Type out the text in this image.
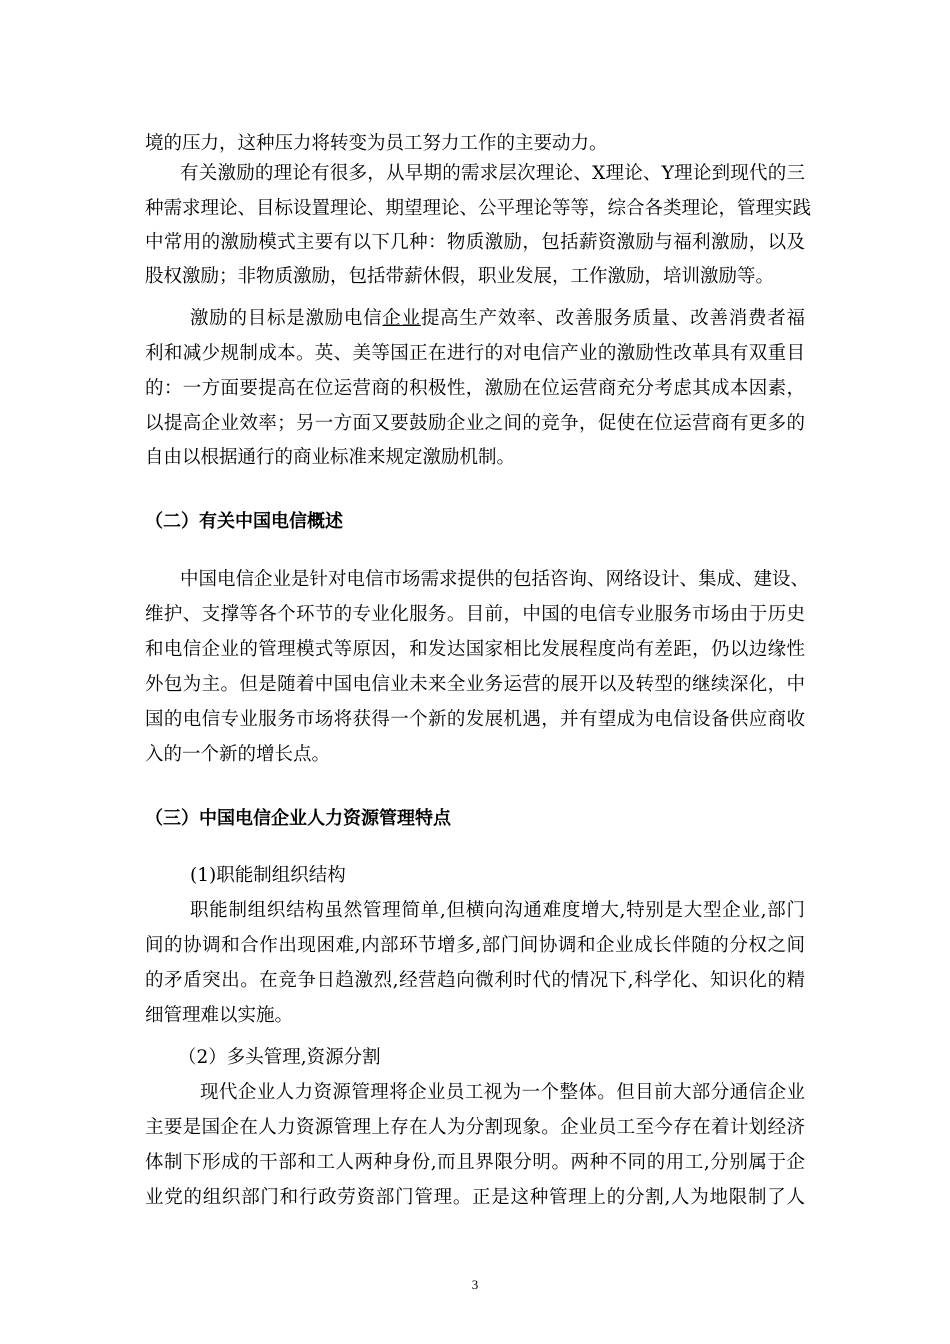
境的压力，这种压力将转变为员工努力工作的主要动力。
有关激励的理论有很多，从早期的需求层次理论、X理论、Y理论到现代的三
种需求理论、目标设置理论、期望理论、公平理论等等，综合各类理论，管理实践
中常用的激励模式主要有以下几种：物质激励，包括薪资激励与福利激励，以及
股权激励；非物质激励，包括带薪休假，职业发展，工作激励，培训激励等。
激励的目标是激励电信企业提高生产效率、改善服务质量、改善消费者福
利和减少规制成本。英、美等国正在进行的对电信产业的激励性改革具有双重目
的：一方面要提高在位运营商的积极性，激励在位运营商充分考虑其成本因素，
以提高企业效率；另一方面又要鼓励企业之间的竞争，促使在位运营商有更多的
自由以根据通行的商业标准来规定激励机制。
（二）有关中国电信概述
中国电信企业是针对电信市场需求提供的包括咨询、网络设计、集成、建设、
维护、支撑等各个环节的专业化服务。目前，中国的电信专业服务市场由于历史
和电信企业的管理模式等原因，和发达国家相比发展程度尚有差距，仍以边缘性
外包为主。但是随着中国电信业未来全业务运营的展开以及转型的继续深化，中
国的电信专业服务市场将获得一个新的发展机遇，并有望成为电信设备供应商收
入的一个新的增长点。
（三）中国电信企业人力资源管理特点
(1)职能制组织结构
职能制组织结构虽然管理简单,但横向沟通难度增大,特别是大型企业,部门
间的协调和合作出现困难,内部环节增多,部门间协调和企业成长伴随的分权之间
的矛盾突出。在竞争日趋激烈,经营趋向微利时代的情况下,科学化、知识化的精
细管理难以实施。
（2）多头管理,资源分割
现代企业人力资源管理将企业员工视为一个整体。但目前大部分通信企业
主要是国企在人力资源管理上存在人为分割现象。企业员工至今存在着计划经济
体制下形成的干部和工人两种身份,而且界限分明。两种不同的用工,分别属于企
业党的组织部门和行政劳资部门管理。正是这种管理上的分割,人为地限制了人
3
